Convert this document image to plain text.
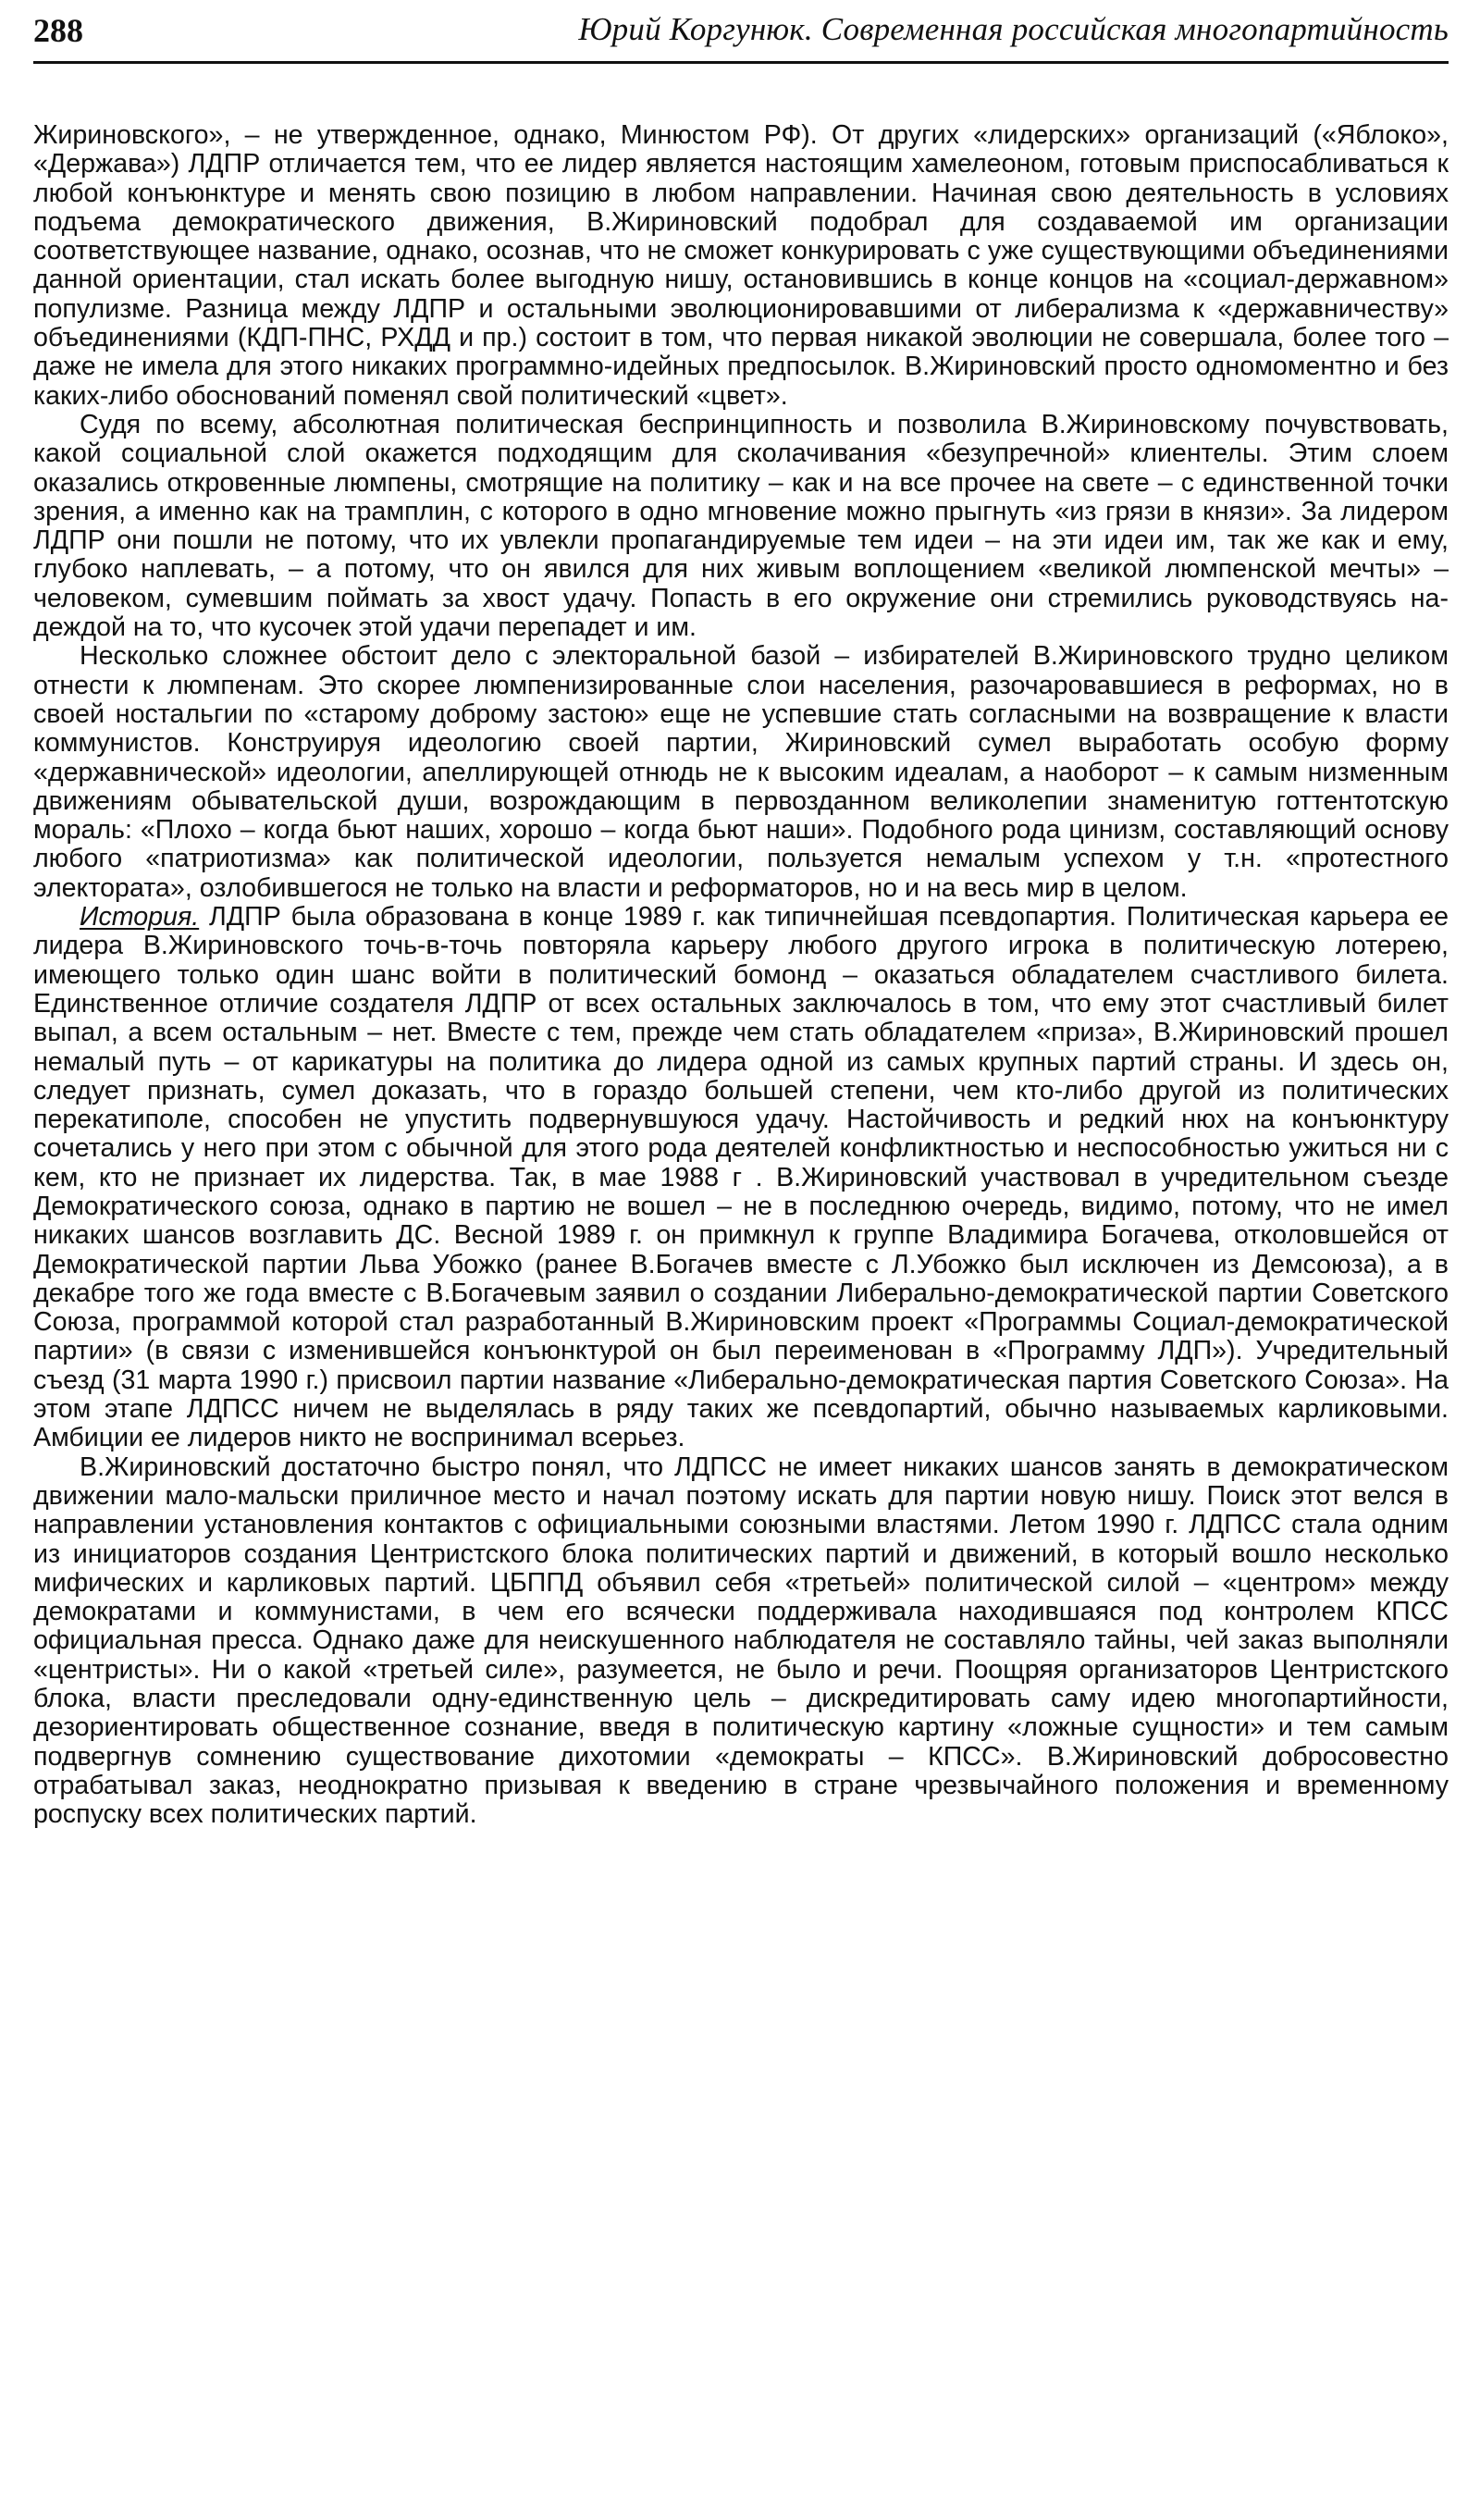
288	Юрий Коргунюк. Современная российская многопартийность

Жириновского», – не утвержденное, однако, Минюстом РФ). От других «лидерских» организаций («Яблоко», «Держава») ЛДПР отличается тем, что ее лидер является настоящим хамелеоном, готовым приспосабливаться к любой конъюнктуре и менять свою позицию в любом направлении. Начиная свою деятельность в условиях подъема демократического движения, В.Жириновский подобрал для создаваемой им организации соответствующее название, однако, осознав, что не сможет конкурировать с уже существующими объединениями данной ориентации, стал искать более выгодную нишу, остановившись в конце концов на «социал-державном» популизме. Разница между ЛДПР и остальными эволюционировавшими от либерализма к «державничеству» объединениями (КДП-ПНС, РХДД и пр.) состоит в том, что первая никакой эволюции не совершала, более того – даже не имела для этого никаких программно-идейных предпосылок. В.Жириновский просто одномоментно и без каких-либо обоснований поменял свой политический «цвет».

Судя по всему, абсолютная политическая беспринципность и позволила В.Жириновскому почувствовать, какой социальной слой окажется подходящим для сколачивания «безупречной» клиентелы. Этим слоем оказались откровенные люмпены, смотрящие на политику – как и на все прочее на свете – с единственной точки зрения, а именно как на трамплин, с которого в одно мгновение можно прыгнуть «из грязи в князи». За лидером ЛДПР они пошли не потому, что их увлекли пропагандируемые тем идеи – на эти идеи им, так же как и ему, глубоко наплевать, – а потому, что он явился для них живым воплощением «великой люмпенской мечты» – человеком, сумевшим поймать за хвост удачу. Попасть в его окружение они стремились руководствуясь надеждой на то, что кусочек этой удачи перепадет и им.

Несколько сложнее обстоит дело с электоральной базой – избирателей В.Жириновского трудно целиком отнести к люмпенам. Это скорее люмпенизированные слои населения, разочаровавшиеся в реформах, но в своей ностальгии по «старому доброму застою» еще не успевшие стать согласными на возвращение к власти коммунистов. Конструируя идеологию своей партии, Жириновский сумел выработать особую форму «державнической» идеологии, апеллирующей отнюдь не к высоким идеалам, а наоборот – к самым низменным движениям обывательской души, возрождающим в первозданном великолепии знаменитую готтентотскую мораль: «Плохо – когда бьют наших, хорошо – когда бьют наши». Подобного рода цинизм, составляющий основу любого «патриотизма» как политической идеологии, пользуется немалым успехом у т.н. «протестного электората», озлобившегося не только на власти и реформаторов, но и на весь мир в целом.

История. ЛДПР была образована в конце 1989 г. как типичнейшая псевдопартия. Политическая карьера ее лидера В.Жириновского точь-в-точь повторяла карьеру любого другого игрока в политическую лотерею, имеющего только один шанс войти в политический бомонд – оказаться обладателем счастливого билета. Единственное отличие создателя ЛДПР от всех остальных заключалось в том, что ему этот счастливый билет выпал, а всем остальным – нет. Вместе с тем, прежде чем стать обладателем «приза», В.Жириновский прошел немалый путь – от карикатуры на политика до лидера одной из самых крупных партий страны. И здесь он, следует признать, сумел доказать, что в гораздо большей степени, чем кто-либо другой из политических перекатиполе, способен не упустить подвернувшуюся удачу. Настойчивость и редкий нюх на конъюнктуру сочетались у него при этом с обычной для этого рода деятелей конфликтностью и неспособностью ужиться ни с кем, кто не признает их лидерства. Так, в мае 1988 г . В.Жириновский участвовал в учредительном съезде Демократического союза, однако в партию не вошел – не в последнюю очередь, видимо, потому, что не имел никаких шансов возглавить ДС. Весной 1989 г. он примкнул к группе Владимира Богачева, отколовшейся от Демократической партии Льва Убожко (ранее В.Богачев вместе с Л.Убожко был исключен из Демсоюза), а в декабре того же года вместе с В.Богачевым заявил о создании Либерально-демократической партии Советского Союза, программой которой стал разработанный В.Жириновским проект «Программы Социал-демократической партии» (в связи с изменившейся конъюнктурой он был переименован в «Программу ЛДП»). Учредительный съезд (31 марта 1990 г.) присвоил партии название «Либерально-демократическая партия Советского Союза». На этом этапе ЛДПСС ничем не выделялась в ряду таких же псевдопартий, обычно называемых карликовыми. Амбиции ее лидеров никто не воспринимал всерьез.

В.Жириновский достаточно быстро понял, что ЛДПСС не имеет никаких шансов занять в демократическом движении мало-мальски приличное место и начал поэтому искать для партии новую нишу. Поиск этот велся в направлении установления контактов с официальными союзными властями. Летом 1990 г. ЛДПСС стала одним из инициаторов создания Центристского блока политических партий и движений, в который вошло несколько мифических и карликовых партий. ЦБППД объявил себя «третьей» политической силой – «центром» между демократами и коммунистами, в чем его всячески поддерживала находившаяся под контролем КПСС официальная пресса. Однако даже для неискушенного наблюдателя не составляло тайны, чей заказ выполняли «центристы». Ни о какой «третьей силе», разумеется, не было и речи. Поощряя организаторов Центристского блока, власти преследовали одну-единственную цель – дискредитировать саму идею многопартийности, дезориентировать общественное сознание, введя в политическую картину «ложные сущности» и тем самым подвергнув сомнению существование дихотомии «демократы – КПСС». В.Жириновский добросовестно отрабатывал заказ, неоднократно призывая к введению в стране чрезвычайного положения и временному роспуску всех политических партий.
